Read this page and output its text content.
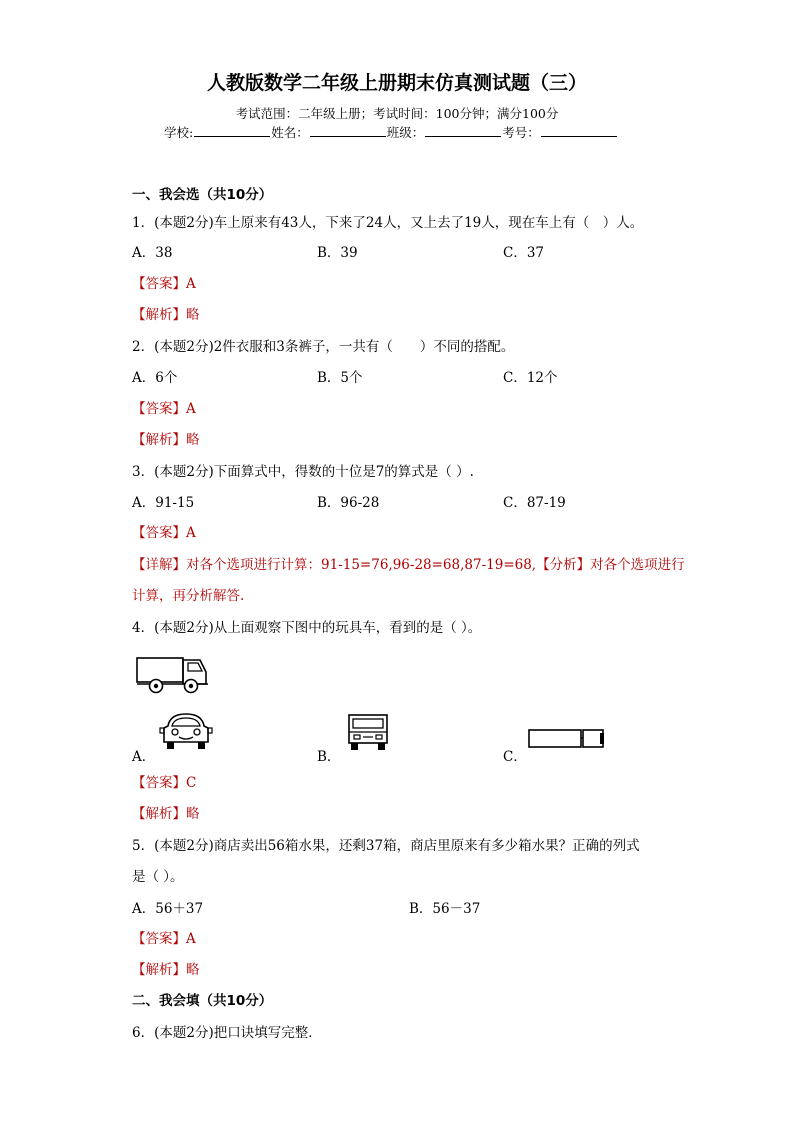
人教版数学二年级上册期末仿真测试题（三）
考试范围：二年级上册；考试时间：100分钟；满分100分
学校:	姓名：	班级：	考号：
一、我会选（共10分）
1．(本题2分)车上原来有43人，下来了24人，又上去了19人，现在车上有（　）人。
A．38	B．39	C．37
【答案】A
【解析】略
2．(本题2分)2件衣服和3条裤子，一共有（　　）不同的搭配。
A．6个	B．5个	C．12个
【答案】A
【解析】略
3．(本题2分)下面算式中，得数的十位是7的算式是（ ）.
A．91-15	B．96-28	C．87-19
【答案】A
【详解】对各个选项进行计算：91-15=76,96-28=68,87-19=68,【分析】对各个选项进行
计算，再分析解答.
4．(本题2分)从上面观察下图中的玩具车，看到的是（ ）。
A．	B．	C．
【答案】C
【解析】略
5．(本题2分)商店卖出56箱水果，还剩37箱，商店里原来有多少箱水果？正确的列式
是（ ）。
A．56＋37	B．56－37
【答案】A
【解析】略
二、我会填（共10分）
6．(本题2分)把口诀填写完整．
